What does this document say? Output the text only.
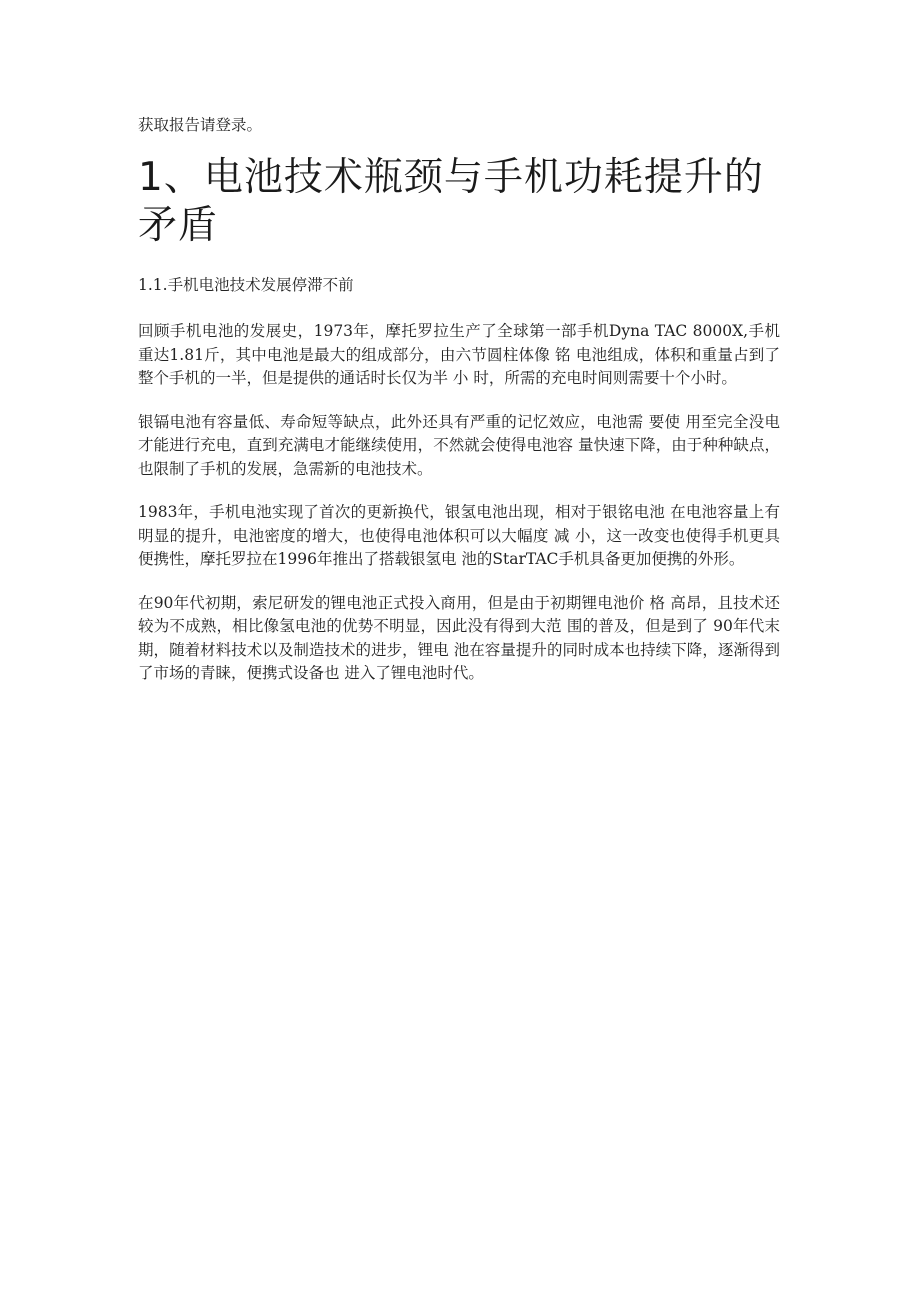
获取报告请登录。

1、电池技术瓶颈与手机功耗提升的矛盾
1.1.手机电池技术发展停滞不前

回顾手机电池的发展史，1973年，摩托罗拉生产了全球第一部手机Dyna TAC 8000X,手机重达1.81斤，其中电池是最大的组成部分，由六节圆柱体像 铭 电池组成，体积和重量占到了整个手机的一半，但是提供的通话时长仅为半 小 时，所需的充电时间则需要十个小时。

银镉电池有容量低、寿命短等缺点，此外还具有严重的记忆效应，电池需 要使 用至完全没电才能进行充电，直到充满电才能继续使用，不然就会使得电池容 量快速下降，由于种种缺点，也限制了手机的发展，急需新的电池技术。

1983年，手机电池实现了首次的更新换代，银氢电池出现，相对于银铭电池 在电池容量上有明显的提升，电池密度的增大，也使得电池体积可以大幅度 减 小，这一改变也使得手机更具便携性，摩托罗拉在1996年推出了搭载银氢电 池的StarTAC手机具备更加便携的外形。

在90年代初期，索尼研发的锂电池正式投入商用，但是由于初期锂电池价 格 高昂，且技术还较为不成熟，相比像氢电池的优势不明显，因此没有得到大范 围的普及，但是到了 90年代末期，随着材料技术以及制造技术的进步，锂电 池在容量提升的同时成本也持续下降，逐渐得到了市场的青睐，便携式设备也 进入了锂电池时代。
